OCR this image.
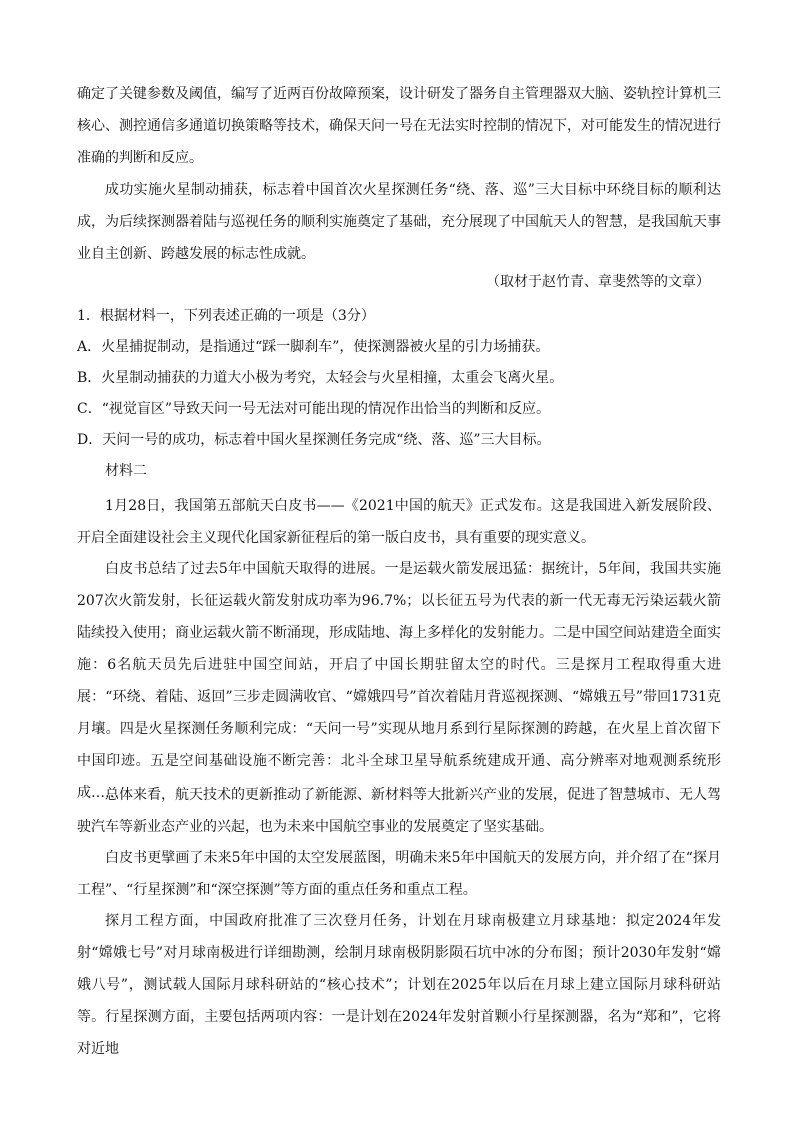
确定了关键参数及阈值，编写了近两百份故障预案，设计研发了器务自主管理器双大脑、姿轨控计算机三核心、测控通信多通道切换策略等技术，确保天问一号在无法实时控制的情况下，对可能发生的情况进行准确的判断和反应。

成功实施火星制动捕获，标志着中国首次火星探测任务“绕、落、巡”三大目标中环绕目标的顺利达成，为后续探测器着陆与巡视任务的顺利实施奠定了基础，充分展现了中国航天人的智慧，是我国航天事业自主创新、跨越发展的标志性成就。

（取材于赵竹青、章斐然等的文章）

1．根据材料一，下列表述正确的一项是（3分）

A．火星捕捉制动，是指通过“踩一脚刹车”，使探测器被火星的引力场捕获。

B．火星制动捕获的力道大小极为考究，太轻会与火星相撞，太重会飞离火星。

C．“视觉盲区”导致天问一号无法对可能出现的情况作出恰当的判断和反应。

D．天问一号的成功，标志着中国火星探测任务完成“绕、落、巡”三大目标。

材料二

1月28日，我国第五部航天白皮书——《2021中国的航天》正式发布。这是我国进入新发展阶段、开启全面建设社会主义现代化国家新征程后的第一版白皮书，具有重要的现实意义。

白皮书总结了过去5年中国航天取得的进展。一是运载火箭发展迅猛：据统计，5年间，我国共实施207次火箭发射，长征运载火箭发射成功率为96.7%；以长征五号为代表的新一代无毒无污染运载火箭陆续投入使用；商业运载火箭不断涌现，形成陆地、海上多样化的发射能力。二是中国空间站建造全面实施：6名航天员先后进驻中国空间站，开启了中国长期驻留太空的时代。三是探月工程取得重大进展：“环绕、着陆、返回”三步走圆满收官、“嫦娥四号”首次着陆月背巡视探测、“嫦娥五号”带回1731克月壤。四是火星探测任务顺利完成：“天问一号”实现从地月系到行星际探测的跨越，在火星上首次留下中国印迹。五是空间基础设施不断完善：北斗全球卫星导航系统建成开通、高分辨率对地观测系统形成……

总体来看，航天技术的更新推动了新能源、新材料等大批新兴产业的发展，促进了智慧城市、无人驾驶汽车等新业态产业的兴起，也为未来中国航空事业的发展奠定了坚实基础。

白皮书更擘画了未来5年中国的太空发展蓝图，明确未来5年中国航天的发展方向，并介绍了在“探月工程”、“行星探测”和“深空探测”等方面的重点任务和重点工程。

探月工程方面，中国政府批准了三次登月任务，计划在月球南极建立月球基地：拟定2024年发射“嫦娥七号”对月球南极进行详细勘测，绘制月球南极阴影陨石坑中冰的分布图；预计2030年发射“嫦娥八号”，测试载人国际月球科研站的“核心技术”；计划在2025年以后在月球上建立国际月球科研站等。行星探测方面，主要包括两项内容：一是计划在2024年发射首颗小行星探测器，名为“郑和”，它将对近地
